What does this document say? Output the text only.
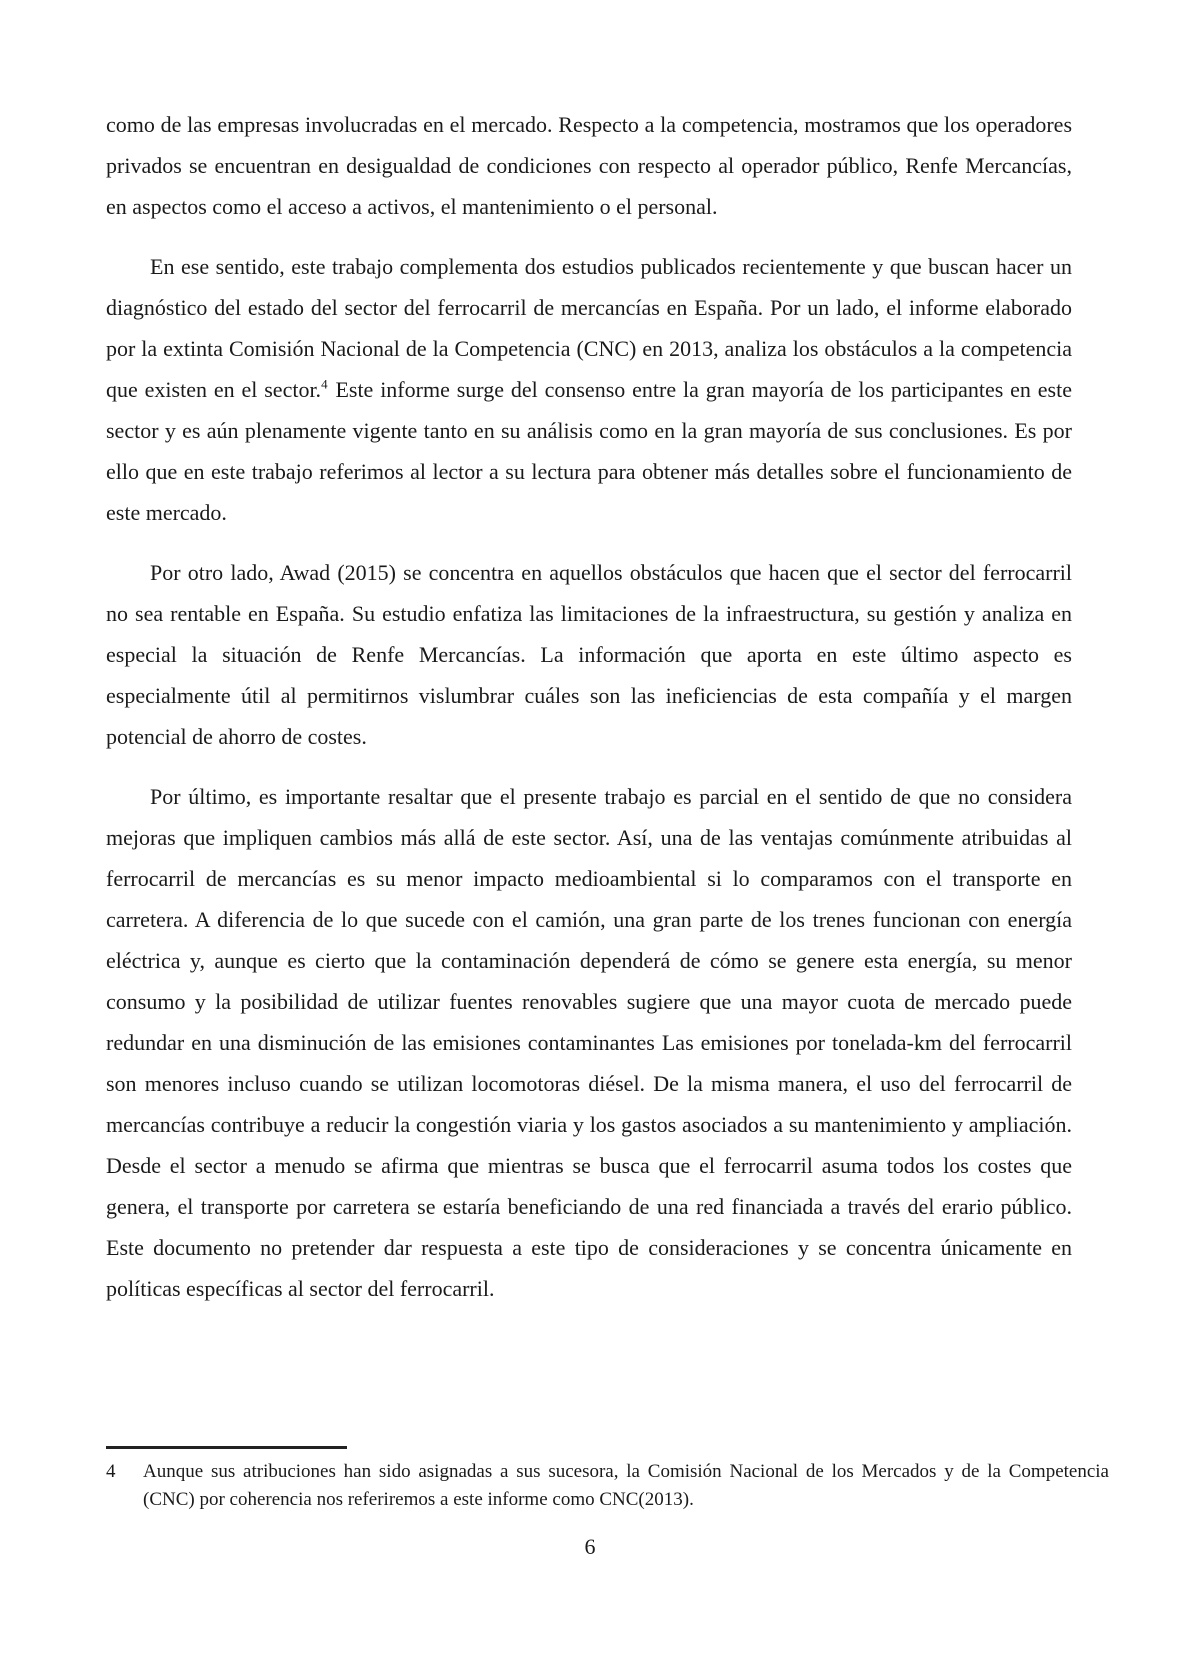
como de las empresas involucradas en el mercado. Respecto a la competencia, mostramos que los operadores privados se encuentran en desigualdad de condiciones con respecto al operador público, Renfe Mercancías, en aspectos como el acceso a activos, el mantenimiento o el personal.

En ese sentido, este trabajo complementa dos estudios publicados recientemente y que buscan hacer un diagnóstico del estado del sector del ferrocarril de mercancías en España. Por un lado, el informe elaborado por la extinta Comisión Nacional de la Competencia (CNC) en 2013, analiza los obstáculos a la competencia que existen en el sector.$^4$ Este informe surge del consenso entre la gran mayoría de los participantes en este sector y es aún plenamente vigente tanto en su análisis como en la gran mayoría de sus conclusiones. Es por ello que en este trabajo referimos al lector a su lectura para obtener más detalles sobre el funcionamiento de este mercado.

Por otro lado, Awad (2015) se concentra en aquellos obstáculos que hacen que el sector del ferrocarril no sea rentable en España. Su estudio enfatiza las limitaciones de la infraestructura, su gestión y analiza en especial la situación de Renfe Mercancías. La información que aporta en este último aspecto es especialmente útil al permitirnos vislumbrar cuáles son las ineficiencias de esta compañía y el margen potencial de ahorro de costes.

Por último, es importante resaltar que el presente trabajo es parcial en el sentido de que no considera mejoras que impliquen cambios más allá de este sector. Así, una de las ventajas comúnmente atribuidas al ferrocarril de mercancías es su menor impacto medioambiental si lo comparamos con el transporte en carretera. A diferencia de lo que sucede con el camión, una gran parte de los trenes funcionan con energía eléctrica y, aunque es cierto que la contaminación dependerá de cómo se genere esta energía, su menor consumo y la posibilidad de utilizar fuentes renovables sugiere que una mayor cuota de mercado puede redundar en una disminución de las emisiones contaminantes Las emisiones por tonelada-km del ferrocarril son menores incluso cuando se utilizan locomotoras diésel. De la misma manera, el uso del ferrocarril de mercancías contribuye a reducir la congestión viaria y los gastos asociados a su mantenimiento y ampliación. Desde el sector a menudo se afirma que mientras se busca que el ferrocarril asuma todos los costes que genera, el transporte por carretera se estaría beneficiando de una red financiada a través del erario público. Este documento no pretender dar respuesta a este tipo de consideraciones y se concentra únicamente en políticas específicas al sector del ferrocarril.

4 Aunque sus atribuciones han sido asignadas a sus sucesora, la Comisión Nacional de los Mercados y de la Competencia (CNC) por coherencia nos referiremos a este informe como CNC(2013).
6
